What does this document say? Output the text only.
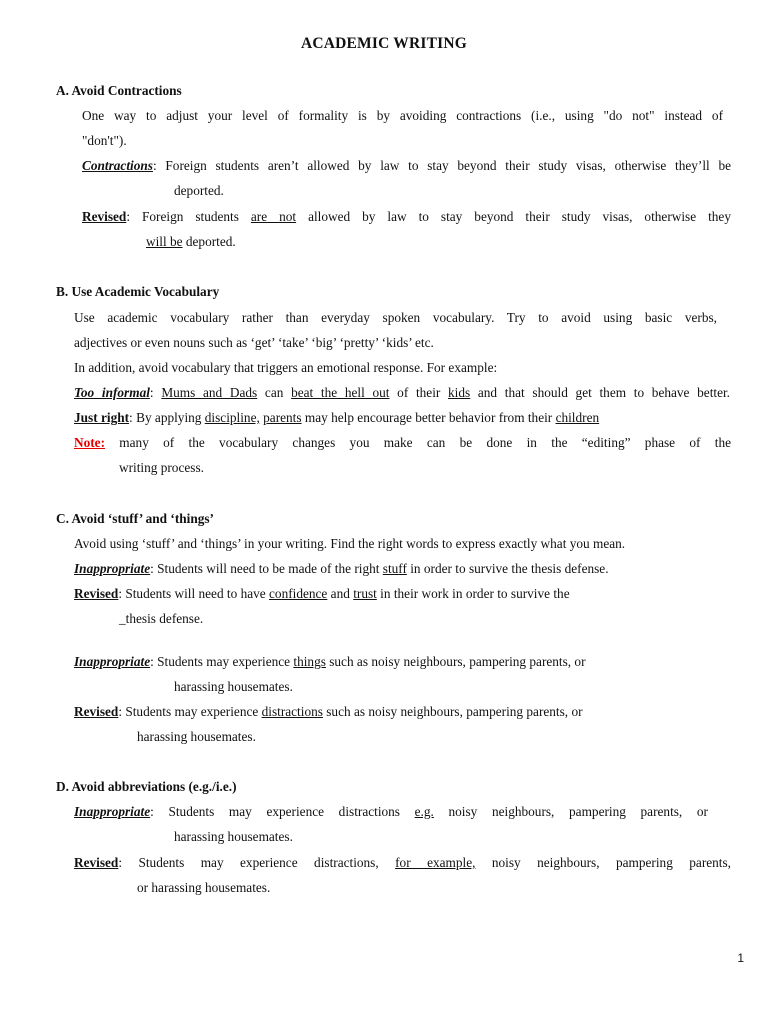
ACADEMIC WRITING
A. Avoid Contractions
One way to adjust your level of formality is by avoiding contractions (i.e., using "do not" instead of
"don't").
Contractions: Foreign students aren’t allowed by law to stay beyond their study visas, otherwise they’ll be
deported.
Revised: Foreign students are not allowed by law to stay beyond their study visas, otherwise they
will be deported.
B. Use Academic Vocabulary
Use academic vocabulary rather than everyday spoken vocabulary. Try to avoid using basic verbs,
adjectives or even nouns such as ‘get’ ‘take’ ‘big’ ‘pretty’ ‘kids’ etc.
In addition, avoid vocabulary that triggers an emotional response. For example:
Too informal: Mums and Dads can beat the hell out of their kids and that should get them to behave better.
Just right: By applying discipline, parents may help encourage better behavior from their children
Note: many of the vocabulary changes you make can be done in the “editing” phase of the
writing process.
C. Avoid ‘stuff’ and ‘things’
Avoid using ‘stuff’ and ‘things’ in your writing. Find the right words to express exactly what you mean.
Inappropriate: Students will need to be made of the right stuff in order to survive the thesis defense.
Revised: Students will need to have confidence and trust in their work in order to survive the
_thesis defense.
Inappropriate: Students may experience things such as noisy neighbours, pampering parents, or
harassing housemates.
Revised: Students may experience distractions such as noisy neighbours, pampering parents, or
harassing housemates.
D. Avoid abbreviations (e.g./i.e.)
Inappropriate: Students may experience distractions e.g. noisy neighbours, pampering parents, or
harassing housemates.
Revised: Students may experience distractions, for example, noisy neighbours, pampering parents,
or harassing housemates.
1
